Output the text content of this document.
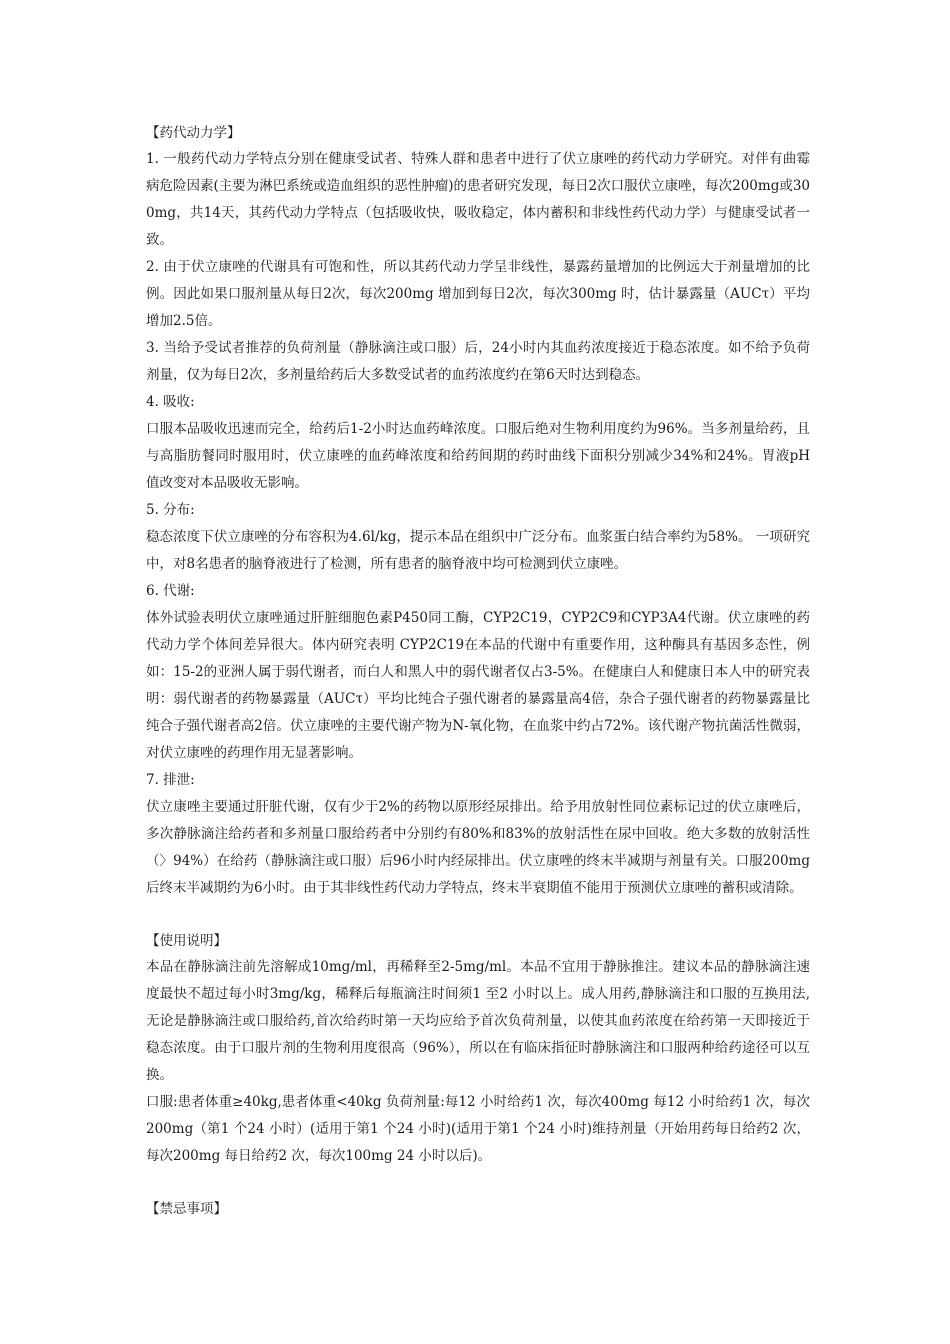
【药代动力学】

1. 一般药代动力学特点分别在健康受试者、特殊人群和患者中进行了伏立康唑的药代动力学研究。对伴有曲霉病危险因素(主要为淋巴系统或造血组织的恶性肿瘤)的患者研究发现，每日2次口服伏立康唑，每次200mg或300mg，共14天，其药代动力学特点（包括吸收快，吸收稳定，体内蓄积和非线性药代动力学）与健康受试者一致。

2. 由于伏立康唑的代谢具有可饱和性，所以其药代动力学呈非线性，暴露药量增加的比例远大于剂量增加的比例。因此如果口服剂量从每日2次，每次200mg 增加到每日2次，每次300mg 时，估计暴露量（AUCτ）平均增加2.5倍。

3. 当给予受试者推荐的负荷剂量（静脉滴注或口服）后，24小时内其血药浓度接近于稳态浓度。如不给予负荷剂量，仅为每日2次，多剂量给药后大多数受试者的血药浓度约在第6天时达到稳态。

4. 吸收:

口服本品吸收迅速而完全，给药后1-2小时达血药峰浓度。口服后绝对生物利用度约为96%。当多剂量给药，且与高脂肪餐同时服用时，伏立康唑的血药峰浓度和给药间期的药时曲线下面积分别减少34%和24%。胃液pH 值改变对本品吸收无影响。

5. 分布:

稳态浓度下伏立康唑的分布容积为4.6l/kg，提示本品在组织中广泛分布。血浆蛋白结合率约为58%。 一项研究中，对8名患者的脑脊液进行了检测，所有患者的脑脊液中均可检测到伏立康唑。

6. 代谢:

体外试验表明伏立康唑通过肝脏细胞色素P450同工酶，CYP2C19，CYP2C9和CYP3A4代谢。伏立康唑的药代动力学个体间差异很大。体内研究表明 CYP2C19在本品的代谢中有重要作用，这种酶具有基因多态性，例如：15-2的亚洲人属于弱代谢者，而白人和黑人中的弱代谢者仅占3-5%。在健康白人和健康日本人中的研究表明：弱代谢者的药物暴露量（AUCτ）平均比纯合子强代谢者的暴露量高4倍，杂合子强代谢者的药物暴露量比纯合子强代谢者高2倍。伏立康唑的主要代谢产物为N-氧化物，在血浆中约占72%。该代谢产物抗菌活性微弱，对伏立康唑的药理作用无显著影响。

7. 排泄:

伏立康唑主要通过肝脏代谢，仅有少于2%的药物以原形经尿排出。给予用放射性同位素标记过的伏立康唑后，多次静脉滴注给药者和多剂量口服给药者中分别约有80%和83%的放射活性在尿中回收。绝大多数的放射活性（〉94%）在给药（静脉滴注或口服）后96小时内经尿排出。伏立康唑的终末半减期与剂量有关。口服200mg 后终末半减期约为6小时。由于其非线性药代动力学特点，终末半衰期值不能用于预测伏立康唑的蓄积或清除。

【使用说明】

本品在静脉滴注前先溶解成10mg/ml，再稀释至2-5mg/ml。本品不宜用于静脉推注。建议本品的静脉滴注速度最快不超过每小时3mg/kg，稀释后每瓶滴注时间须1 至2 小时以上。成人用药,静脉滴注和口服的互换用法,无论是静脉滴注或口服给药,首次给药时第一天均应给予首次负荷剂量，以使其血药浓度在给药第一天即接近于稳态浓度。由于口服片剂的生物利用度很高（96%），所以在有临床指征时静脉滴注和口服两种给药途径可以互换。

口服:患者体重≥40kg,患者体重<40kg 负荷剂量:每12 小时给药1 次，每次400mg 每12 小时给药1 次，每次200mg（第1 个24 小时）(适用于第1 个24 小时)(适用于第1 个24 小时)维持剂量（开始用药每日给药2 次，每次200mg 每日给药2 次，每次100mg 24 小时以后)。

【禁忌事项】
